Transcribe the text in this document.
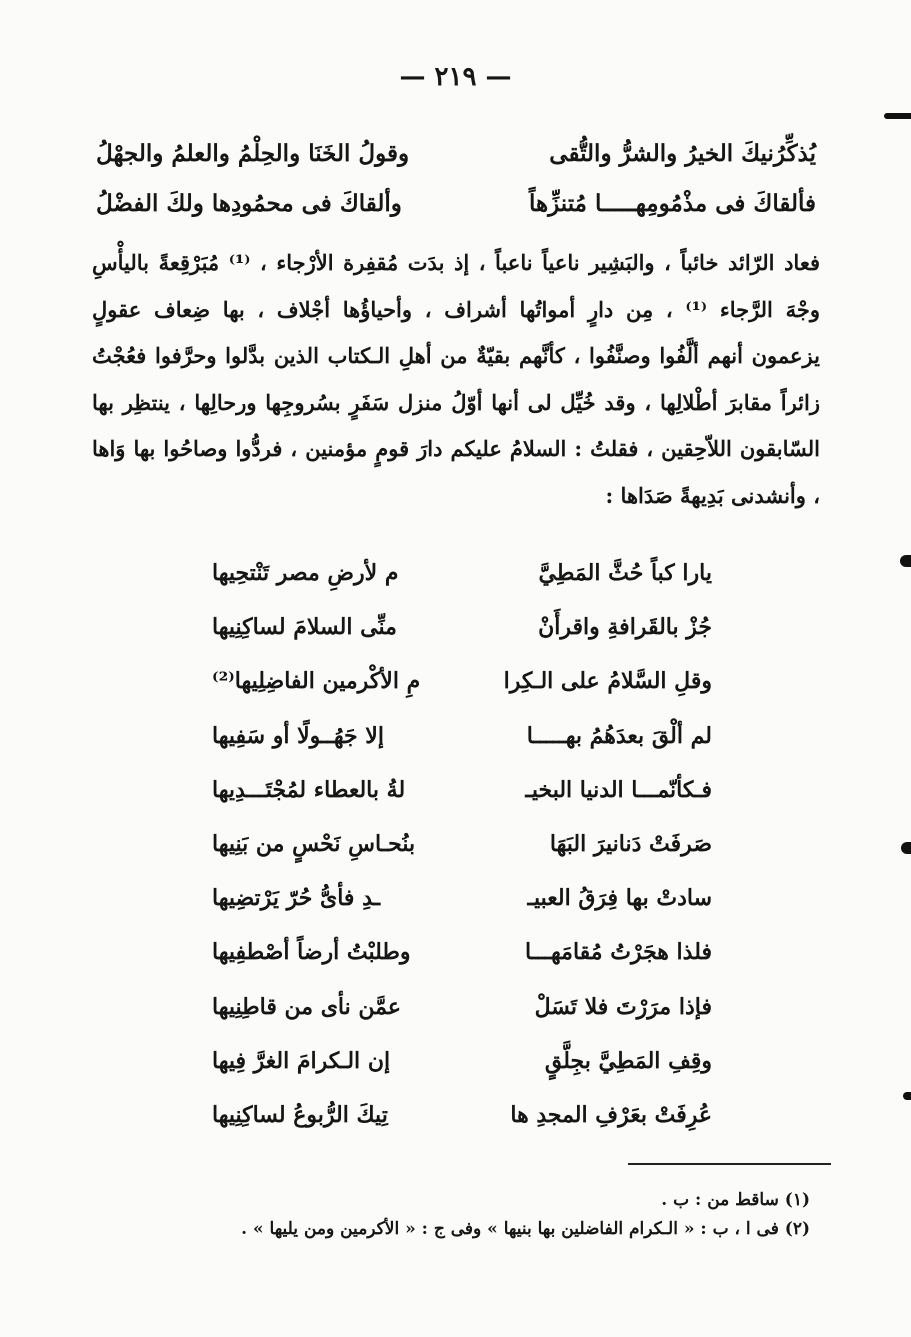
— ٢١٩ —
يُذكِّرُنيكَ الخيرُ والشرُّ والتُّقى
وقولُ الخَنَا والحِلْمُ والعلمُ والجهْلُ
فألقاكَ فى مذْمُومِهـــــا مُتنزِّهاً
وألقاكَ فى محمُودِها ولكَ الفضْلُ
فعاد الرّائد خائباً ، والبَشِير ناعياً ناعباً ، إذ بدَت مُقفِرة الأرْجاء ، ⁽¹⁾ مُبَرْقِعةً باليأْسِ وجْهَ الرَّجاء ⁽¹⁾ ، مِن دارٍ أمواتُها أشراف ، وأحياؤُها أجْلاف ، بها ضِعاف عقولٍ يزعمون أنهم ألَّفُوا وصنَّفُوا ، كأنَّهم بقيّةٌ من أهلِ الـكتاب الذين بدَّلوا وحرَّفوا فعُجْتُ زائراً مقابرَ أطْلالِها ، وقد خُيِّل لى أنها أوّلُ منزل سَفَرٍ بسُروجِها ورحالِها ، ينتظِر بها السّابقون اللاّحِقين ، فقلتُ : السلامُ عليكم دارَ قومٍ مؤمنين ، فردُّوا وصاحُوا بها وَاها ، وأنشدنى بَدِيهةً صَدَاها :
يارا كباً حُثَّ المَطِيَّ
م لأرضِ مصر تَنْتحِيها
جُزْ بالقَرافةِ واقرأَنْ
منِّى السلامَ لساكِنِيها
وقلِ السَّلامُ على الـكِرا
مِ الأكْرمين الفاضِلِيها⁽²⁾
لم ألْقَ بعدَهُمُ بهـــــا
إلا جَهُــولًا أو سَفِيها
فـكأنّمـــا الدنيا البخيـ
لةُ بالعطاء لمُجْتَـــدِيها
صَرفَتْ دَنانيرَ البَهَا
بنُحـاسِ نَحْسٍ من بَنِيها
سادتْ بها فِرَقُ العبيـ
ـدِ فأىُّ حُرّ يَرْتضِيها
فلذا هجَرْتُ مُقامَهـــا
وطلبْتُ أرضاً أصْطفِيها
فإذا مرَرْتَ فلا تَسَلْ
عمَّن نأى من قاطِنِيها
وقِفِ المَطِيَّ بجِلَّقٍ
إن الـكرامَ الغرَّ فِيها
عُرِفَتْ بعَرْفِ المجدِ ها
تِيكَ الرُّبوعُ لساكِنِيها
(١) ساقط من : ب .
(٢) فى ا ، ب : « الـكرام الفاضلين بها بنيها » وفى ج : « الأكرمين ومن يليها » .
